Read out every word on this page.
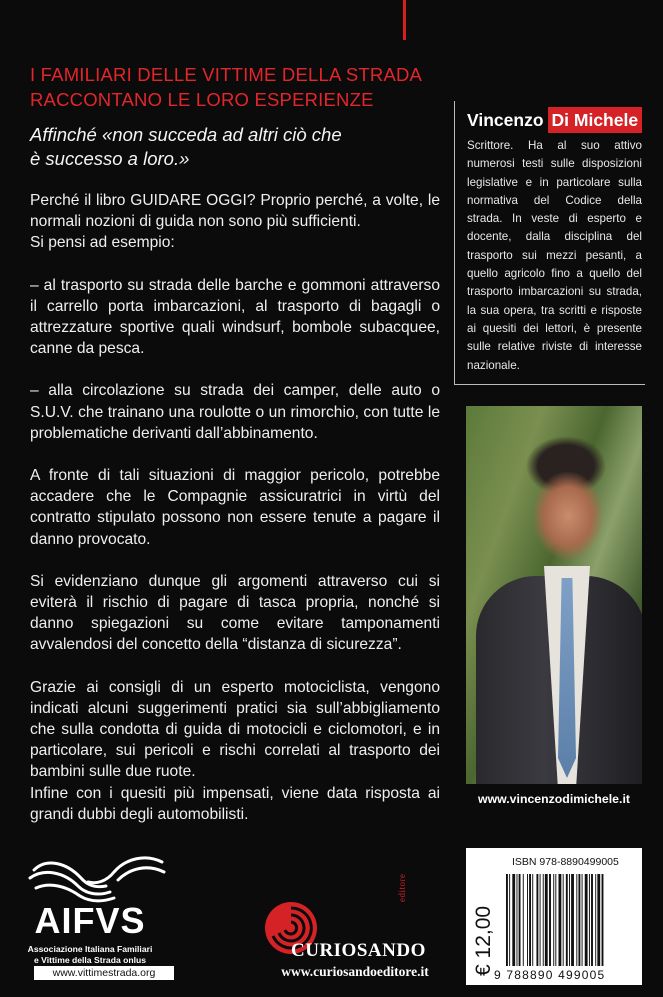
I FAMILIARI DELLE VITTIME DELLA STRADA
RACCONTANO LE LORO ESPERIENZE
Affinché «non succeda ad altri ciò che
è successo a loro.»

Perché il libro GUIDARE OGGI? Proprio perché, a volte, le normali nozioni di guida non sono più sufficienti.

Si pensi ad esempio:

– al trasporto su strada delle barche e gommoni attraverso il carrello porta imbarcazioni, al trasporto di bagagli o attrezzature sportive quali windsurf, bombole subacquee, canne da pesca.

– alla circolazione su strada dei camper, delle auto o S.U.V. che trainano una roulotte o un rimorchio, con tutte le problematiche derivanti dall’abbinamento.

A fronte di tali situazioni di maggior pericolo, potrebbe accadere che le Compagnie assicuratrici in virtù del contratto stipulato possono non essere tenute a pagare il danno provocato.

Si evidenziano dunque gli argomenti attraverso cui si eviterà il rischio di pagare di tasca propria, nonché si danno spiegazioni su come evitare tamponamenti avvalendosi del concetto della “distanza di sicurezza”.

Grazie ai consigli di un esperto motociclista, vengono indicati alcuni suggerimenti pratici sia sull’abbigliamento che sulla condotta di guida di motocicli e ciclomotori, e in particolare, sui pericoli e rischi correlati al trasporto dei bambini sulle due ruote.

Infine con i quesiti più impensati, viene data risposta ai grandi dubbi degli automobilisti.

Vincenzo Di Michele
Scrittore. Ha al suo attivo numerosi testi sulle disposizioni legislative e in particolare sulla normativa del Codice della strada. In veste di esperto e docente, dalla disciplina del trasporto sui mezzi pesanti, a quello agricolo fino a quello del trasporto imbarcazioni su strada, la sua opera, tra scritti e risposte ai quesiti dei lettori, è presente sulle relative riviste di interesse nazionale.
www.vincenzodimichele.it
AIFVS
Associazione Italiana Familiari
e Vittime della Strada onlus
www.vittimestrada.org
editore
CURIOSANDO
www.curiosandoeditore.it
ISBN 978-8890499005
€ 12,00 9 788890 499005
